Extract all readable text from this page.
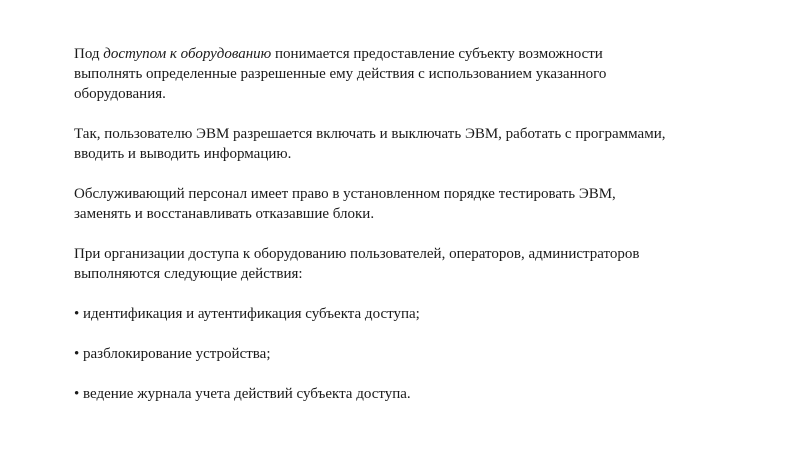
Под доступом к оборудованию понимается предоставление субъекту возможности
выполнять определенные разрешенные ему действия с использованием указанного
оборудования.
Так, пользователю ЭВМ разрешается включать и выключать ЭВМ, работать с программами,
вводить и выводить информацию.
Обслуживающий персонал имеет право в установленном порядке тестировать ЭВМ,
заменять и восстанавливать отказавшие блоки.
При организации доступа к оборудованию пользователей, операторов, администраторов
выполняются следующие действия:
• идентификация и аутентификация субъекта доступа;
• разблокирование устройства;
• ведение журнала учета действий субъекта доступа.
